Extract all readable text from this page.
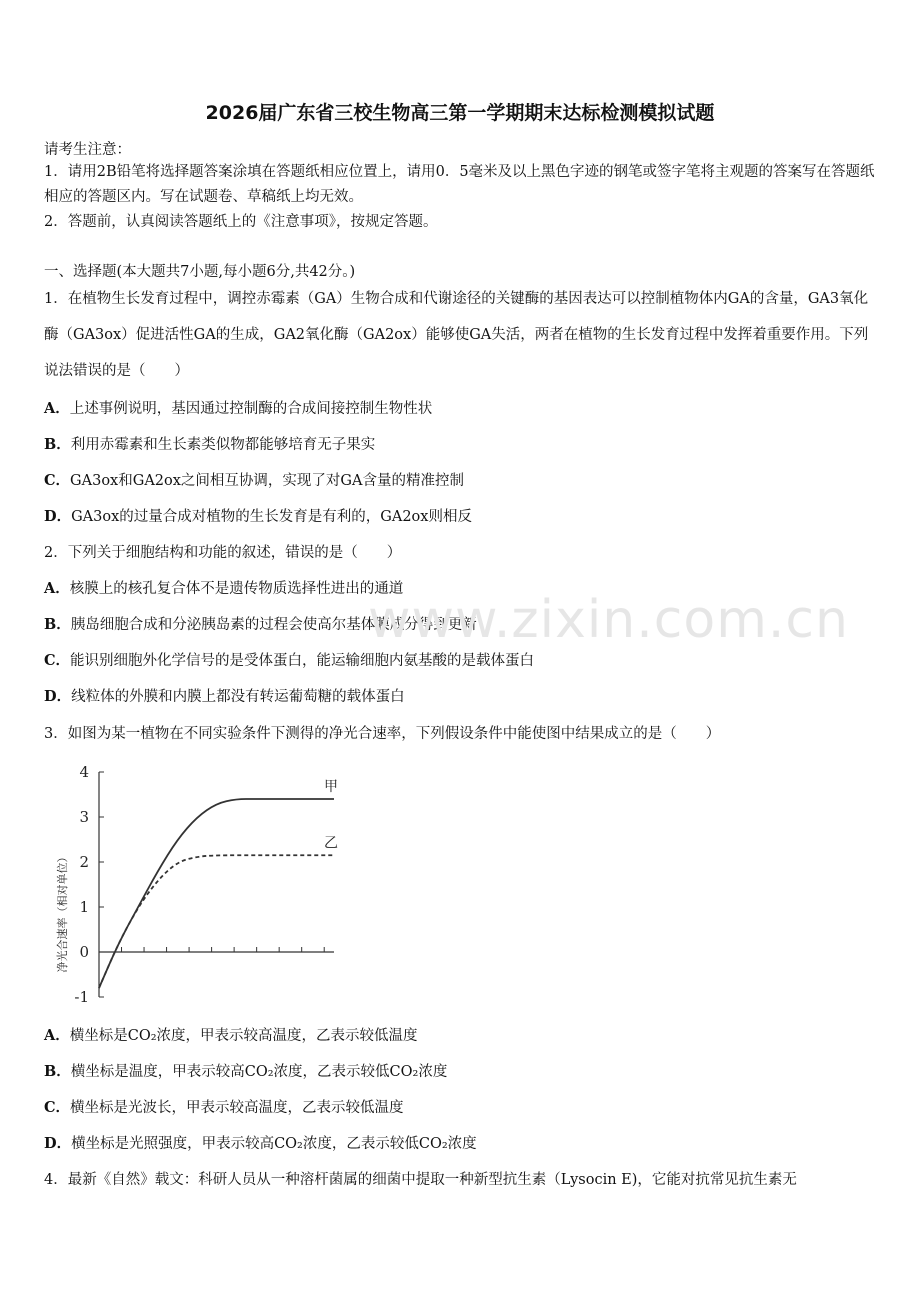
2026届广东省三校生物高三第一学期期末达标检测模拟试题
请考生注意：
1．请用2B铅笔将选择题答案涂填在答题纸相应位置上，请用0．5毫米及以上黑色字迹的钢笔或签字笔将主观题的答案写在答题纸相应的答题区内。写在试题卷、草稿纸上均无效。
2．答题前，认真阅读答题纸上的《注意事项》，按规定答题。
一、选择题(本大题共7小题,每小题6分,共42分。)
1．在植物生长发育过程中，调控赤霉素（GA）生物合成和代谢途径的关键酶的基因表达可以控制植物体内GA的含量，GA3氧化酶（GA3ox）促进活性GA的生成，GA2氧化酶（GA2ox）能够使GA失活，两者在植物的生长发育过程中发挥着重要作用。下列说法错误的是（　　）
A．上述事例说明，基因通过控制酶的合成间接控制生物性状
B．利用赤霉素和生长素类似物都能够培育无子果实
C．GA3ox和GA2ox之间相互协调，实现了对GA含量的精准控制
D．GA3ox的过量合成对植物的生长发育是有利的，GA2ox则相反
2．下列关于细胞结构和功能的叙述，错误的是（　　）
A．核膜上的核孔复合体不是遗传物质选择性进出的通道
B．胰岛细胞合成和分泌胰岛素的过程会使高尔基体膜成分得到更新
C．能识别细胞外化学信号的是受体蛋白，能运输细胞内氨基酸的是载体蛋白
D．线粒体的外膜和内膜上都没有转运葡萄糖的载体蛋白
www.zixin.com.cn
3．如图为某一植物在不同实验条件下测得的净光合速率，下列假设条件中能使图中结果成立的是（　　）
净光合速率（相对单位）
4
3
2
1
0
-1
甲
乙
A．横坐标是CO₂浓度，甲表示较高温度，乙表示较低温度
B．横坐标是温度，甲表示较高CO₂浓度，乙表示较低CO₂浓度
C．横坐标是光波长，甲表示较高温度，乙表示较低温度
D．横坐标是光照强度，甲表示较高CO₂浓度，乙表示较低CO₂浓度
4．最新《自然》载文：科研人员从一种溶杆菌属的细菌中提取一种新型抗生素（Lysocin E)，它能对抗常见抗生素无
